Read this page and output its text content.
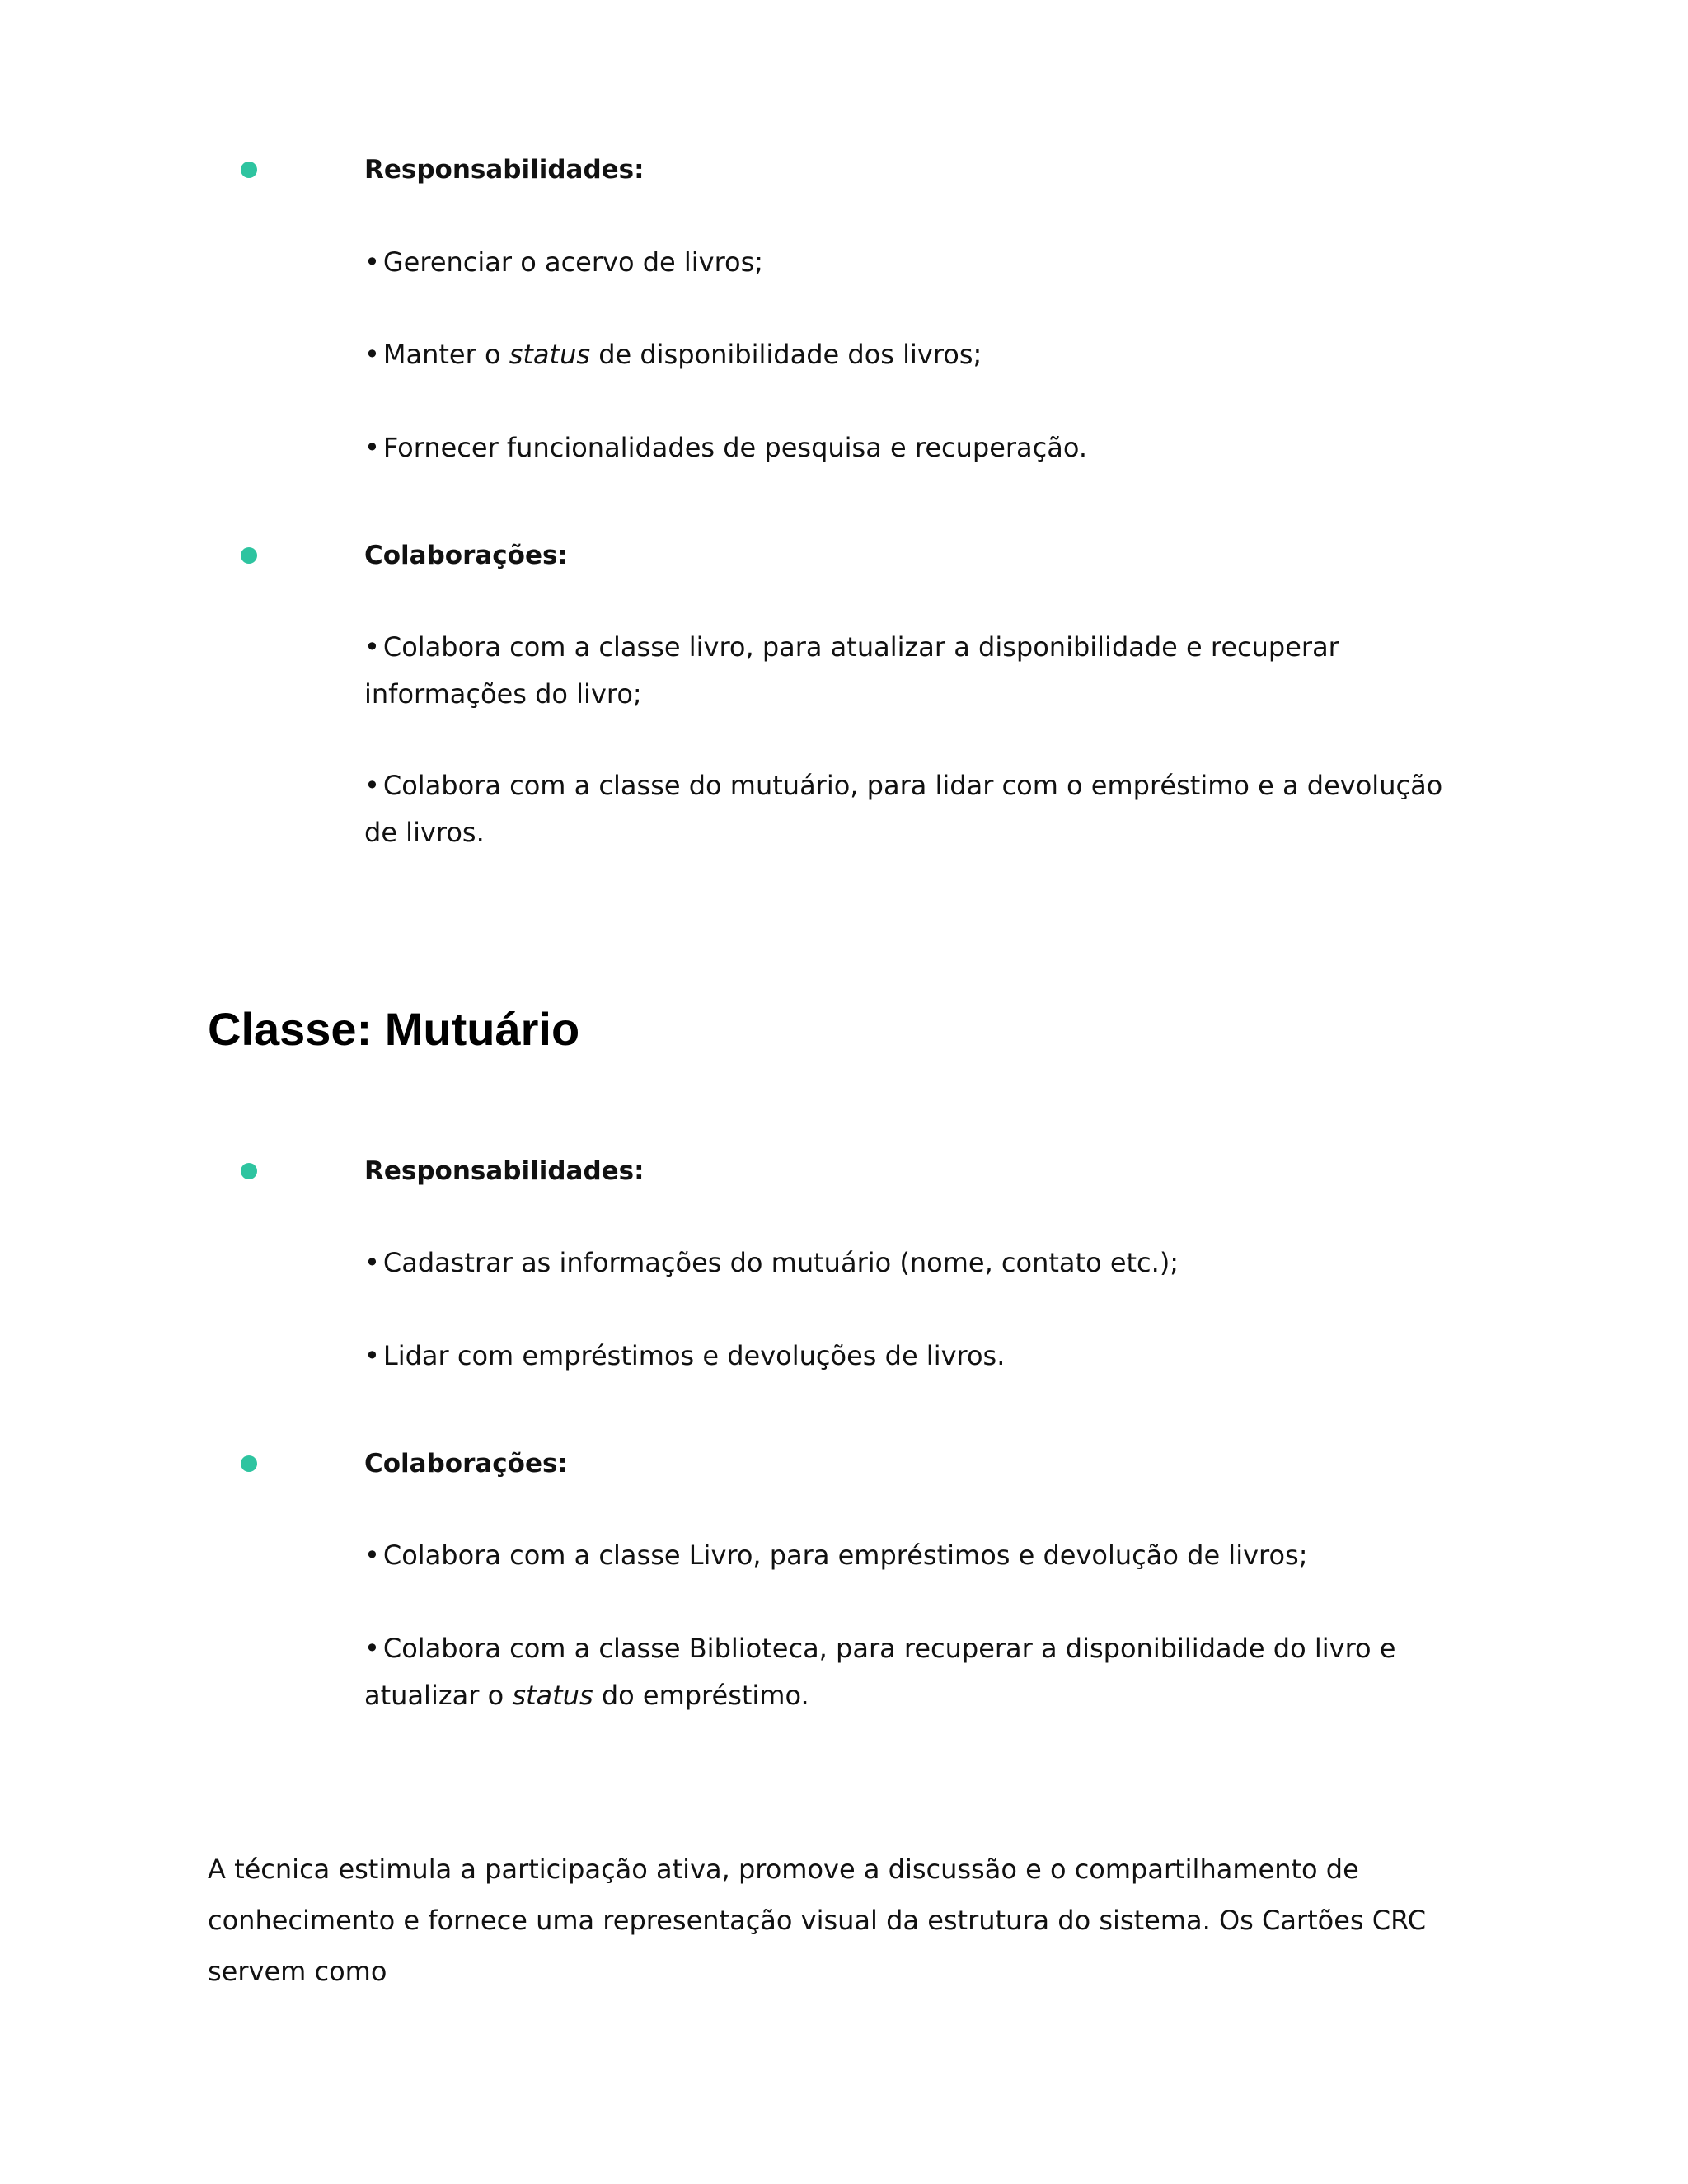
Responsabilidades:
• Gerenciar o acervo de livros;
• Manter o status de disponibilidade dos livros;
• Fornecer funcionalidades de pesquisa e recuperação.
Colaborações:
• Colabora com a classe livro, para atualizar a disponibilidade e recuperar informações do livro;
• Colabora com a classe do mutuário, para lidar com o empréstimo e a devolução de livros.
Classe: Mutuário
Responsabilidades:
• Cadastrar as informações do mutuário (nome, contato etc.);
• Lidar com empréstimos e devoluções de livros.
Colaborações:
• Colabora com a classe Livro, para empréstimos e devolução de livros;
• Colabora com a classe Biblioteca, para recuperar a disponibilidade do livro e atualizar o status do empréstimo.
A técnica estimula a participação ativa, promove a discussão e o compartilhamento de conhecimento e fornece uma representação visual da estrutura do sistema. Os Cartões CRC servem como
